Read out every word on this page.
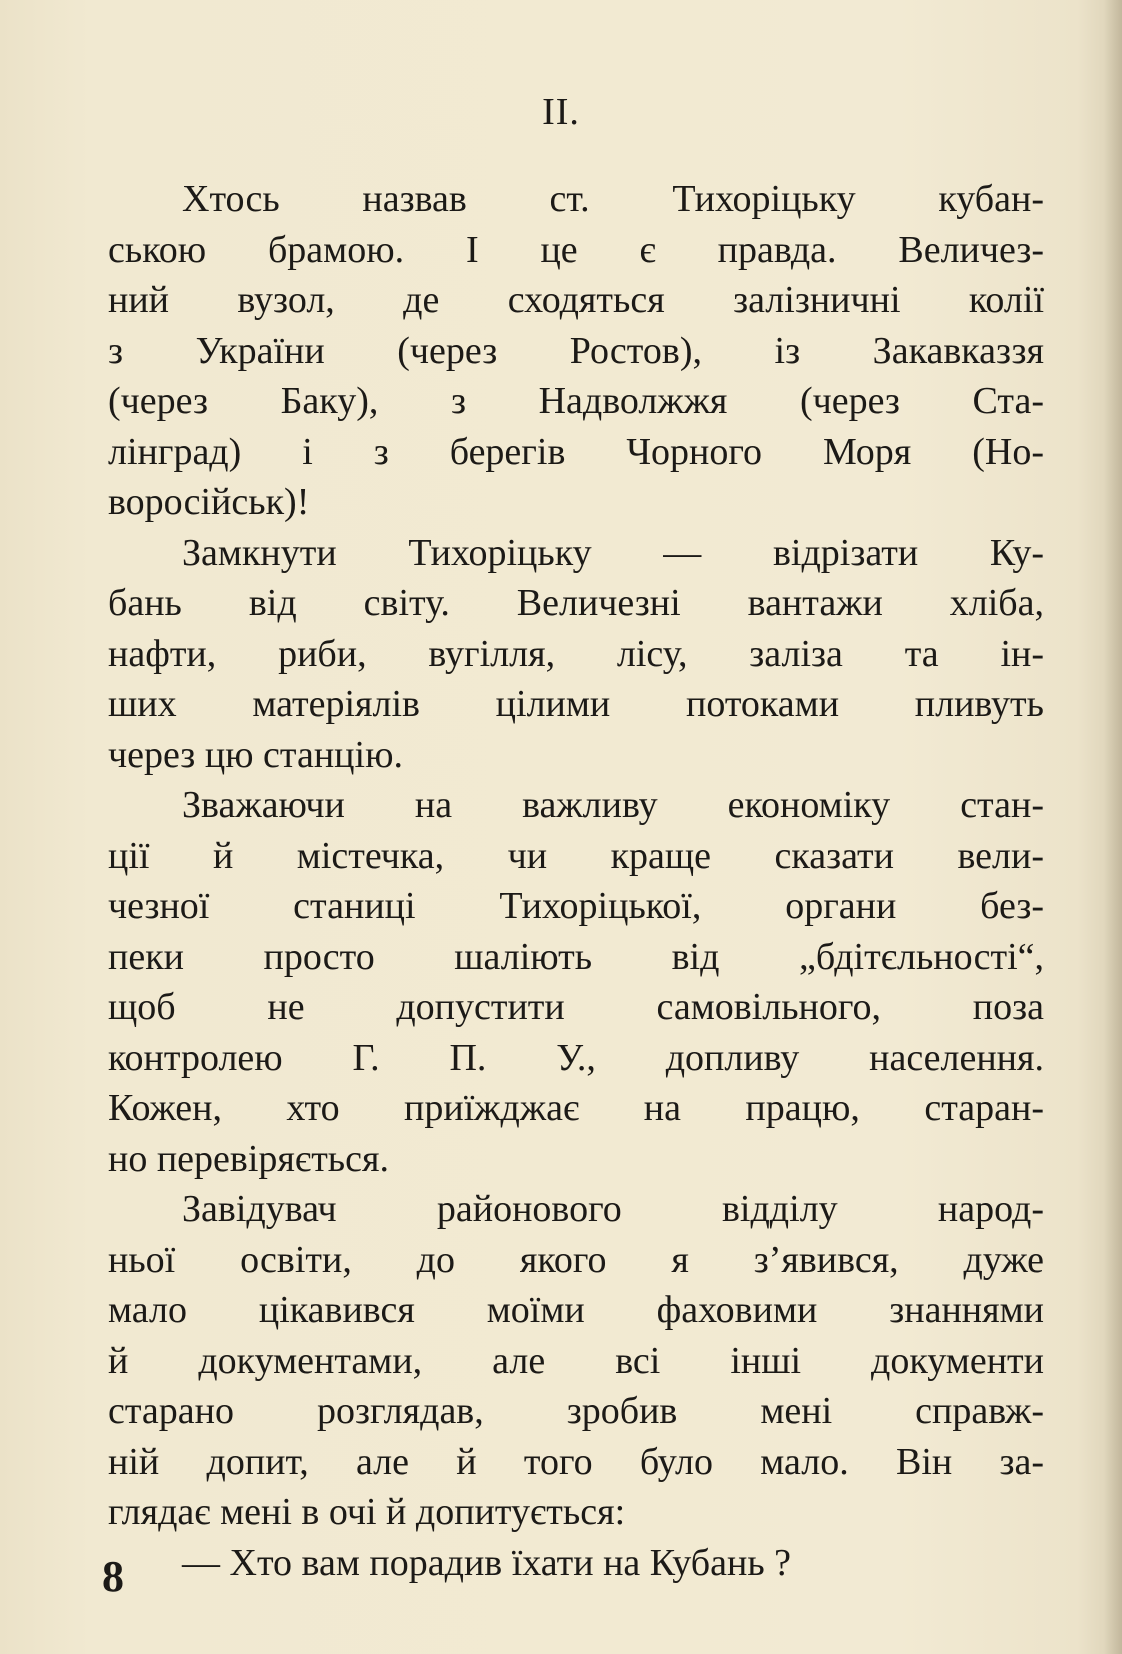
II.

Хтось назвав ст. Тихоріцьку кубан-
ською брамою. І це є правда. Величез-
ний вузол, де сходяться залізничні колії
з України (через Ростов), із Закавказзя
(через Баку), з Надволжжя (через Ста-
лінград) і з берегів Чорного Моря (Но-
воросійськ)!

Замкнути Тихоріцьку — відрізати Ку-
бань від світу. Величезні вантажи хліба,
нафти, риби, вугілля, лісу, заліза та ін-
ших матеріялів цілими потоками пливуть
через цю станцію.

Зважаючи на важливу економіку стан-
ції й містечка, чи краще сказати вели-
чезної станиці Тихоріцької, органи без-
пеки просто шаліють від „бдітєльності“,
щоб не допустити самовільного, поза
контролею Г. П. У., допливу населення.
Кожен, хто приїжджає на працю, старан-
но перевіряється.

Завідувач районового відділу народ-
ньої освіти, до якого я з’явився, дуже
мало цікавився моїми фаховими знаннями
й документами, але всі інші документи
старано розглядав, зробив мені справж-
ній допит, але й того було мало. Він за-
глядає мені в очі й допитується:

— Хто вам порадив їхати на Кубань ?

8
